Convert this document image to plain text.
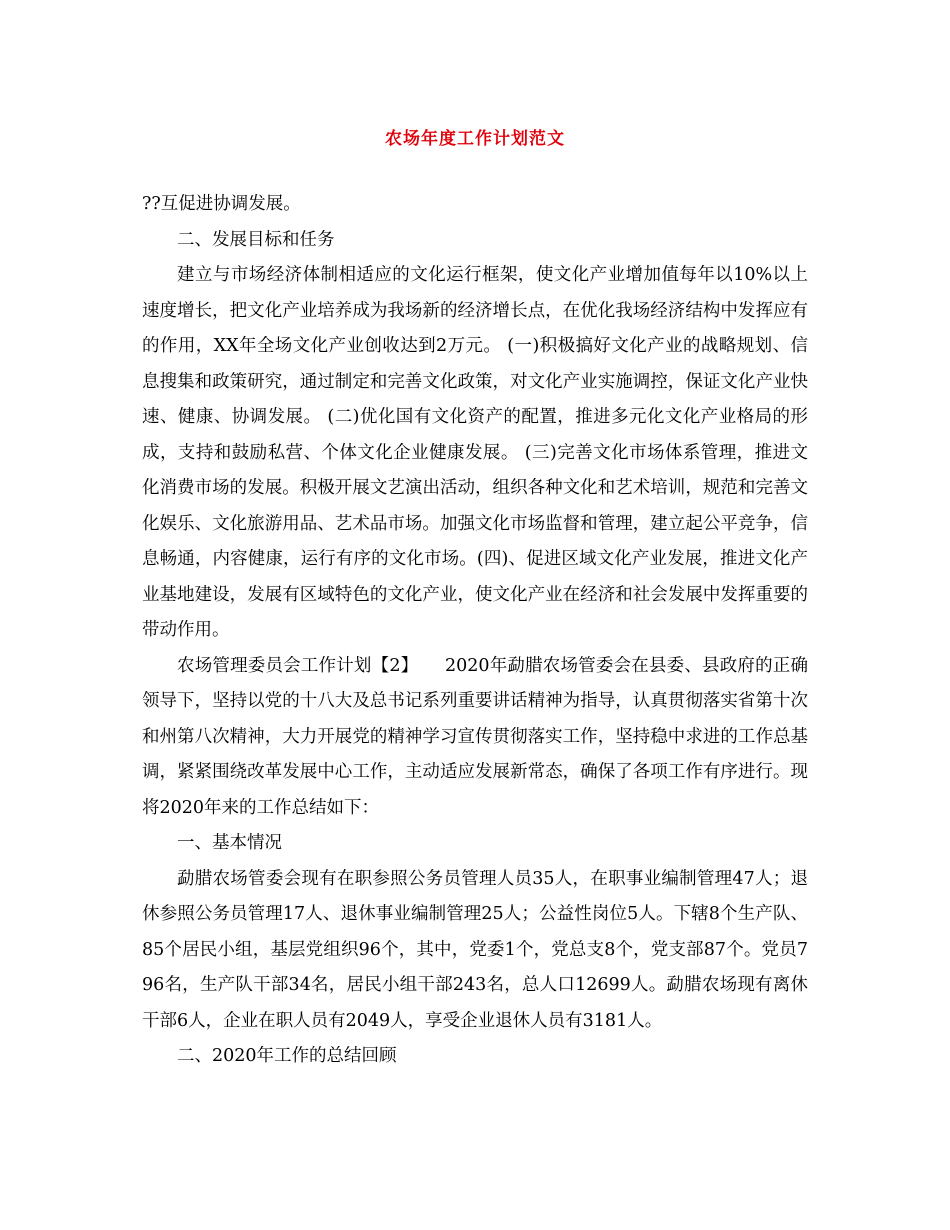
农场年度工作计划范文

??互促进协调发展。

二、发展目标和任务

建立与市场经济体制相适应的文化运行框架，使文化产业增加值每年以10%以上速度增长，把文化产业培养成为我场新的经济增长点，在优化我场经济结构中发挥应有的作用，XX年全场文化产业创收达到2万元。 (一)积极搞好文化产业的战略规划、信息搜集和政策研究，通过制定和完善文化政策，对文化产业实施调控，保证文化产业快速、健康、协调发展。 (二)优化国有文化资产的配置，推进多元化文化产业格局的形成，支持和鼓励私营、个体文化企业健康发展。 (三)完善文化市场体系管理，推进文化消费市场的发展。积极开展文艺演出活动，组织各种文化和艺术培训，规范和完善文化娱乐、文化旅游用品、艺术品市场。加强文化市场监督和管理，建立起公平竞争，信息畅通，内容健康，运行有序的文化市场。(四)、促进区域文化产业发展，推进文化产业基地建设，发展有区域特色的文化产业，使文化产业在经济和社会发展中发挥重要的带动作用。

农场管理委员会工作计划【2】　　2020年勐腊农场管委会在县委、县政府的正确领导下，坚持以党的十八大及总书记系列重要讲话精神为指导，认真贯彻落实省第十次和州第八次精神，大力开展党的精神学习宣传贯彻落实工作，坚持稳中求进的工作总基调，紧紧围绕改革发展中心工作，主动适应发展新常态，确保了各项工作有序进行。现将2020年来的工作总结如下：

一、基本情况

勐腊农场管委会现有在职参照公务员管理人员35人，在职事业编制管理47人；退休参照公务员管理17人、退休事业编制管理25人；公益性岗位5人。下辖8个生产队、85个居民小组，基层党组织96个，其中，党委1个，党总支8个，党支部87个。党员796名，生产队干部34名，居民小组干部243名，总人口12699人。勐腊农场现有离休干部6人，企业在职人员有2049人，享受企业退休人员有3181人。

二、2020年工作的总结回顾
